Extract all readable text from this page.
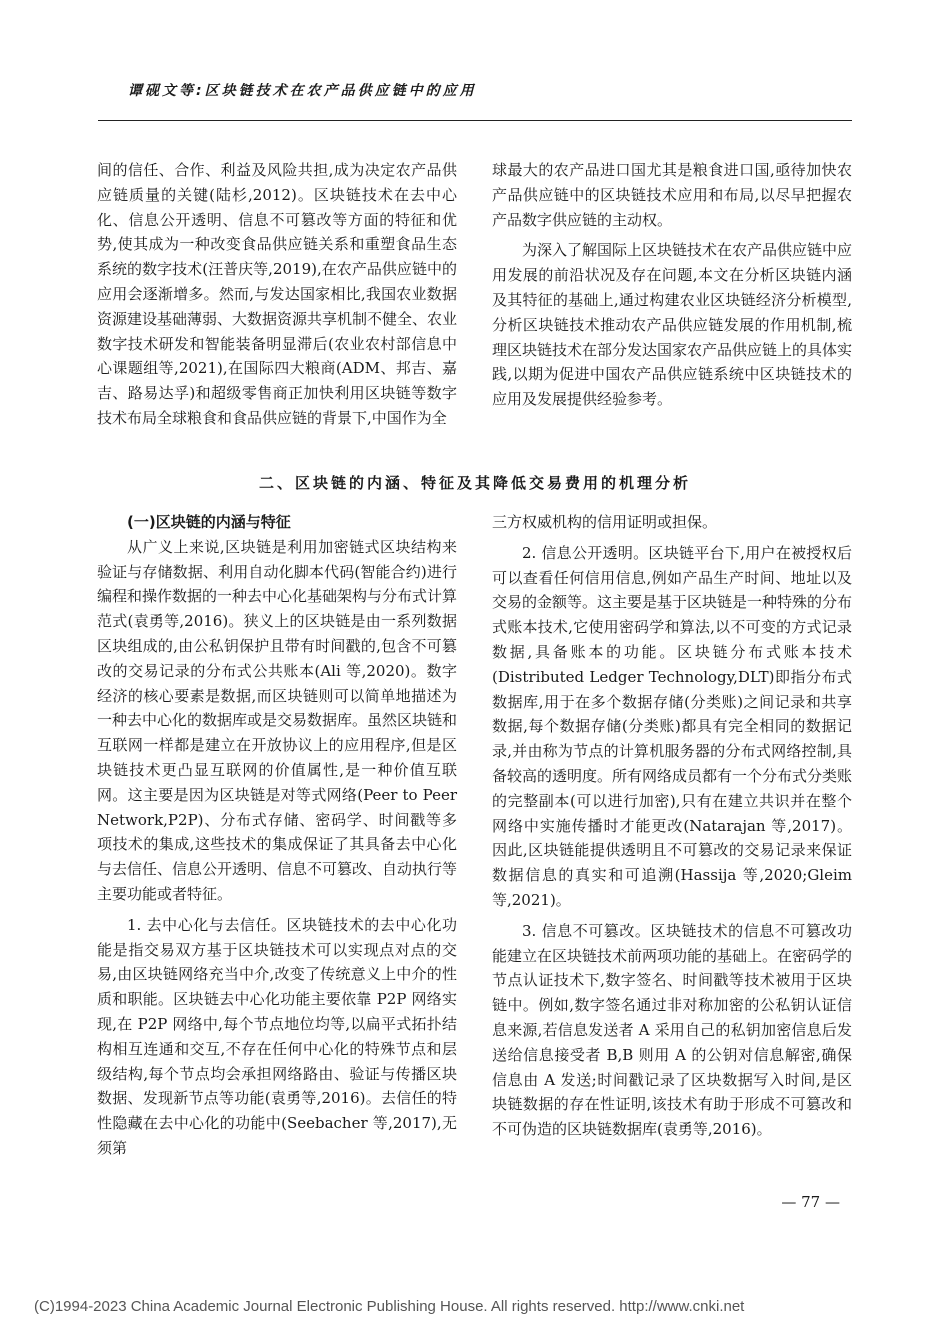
谭砚文等:区块链技术在农产品供应链中的应用

间的信任、合作、利益及风险共担,成为决定农产品供应链质量的关键(陆杉,2012)。区块链技术在去中心化、信息公开透明、信息不可篡改等方面的特征和优势,使其成为一种改变食品供应链关系和重塑食品生态系统的数字技术(汪普庆等,2019),在农产品供应链中的应用会逐渐增多。然而,与发达国家相比,我国农业数据资源建设基础薄弱、大数据资源共享机制不健全、农业数字技术研发和智能装备明显滞后(农业农村部信息中心课题组等,2021),在国际四大粮商(ADM、邦吉、嘉吉、路易达孚)和超级零售商正加快利用区块链等数字技术布局全球粮食和食品供应链的背景下,中国作为全

球最大的农产品进口国尤其是粮食进口国,亟待加快农产品供应链中的区块链技术应用和布局,以尽早把握农产品数字供应链的主动权。

为深入了解国际上区块链技术在农产品供应链中应用发展的前沿状况及存在问题,本文在分析区块链内涵及其特征的基础上,通过构建农业区块链经济分析模型,分析区块链技术推动农产品供应链发展的作用机制,梳理区块链技术在部分发达国家农产品供应链上的具体实践,以期为促进中国农产品供应链系统中区块链技术的应用及发展提供经验参考。

二、区块链的内涵、特征及其降低交易费用的机理分析
(一)区块链的内涵与特征

从广义上来说,区块链是利用加密链式区块结构来验证与存储数据、利用自动化脚本代码(智能合约)进行编程和操作数据的一种去中心化基础架构与分布式计算范式(袁勇等,2016)。狭义上的区块链是由一系列数据区块组成的,由公私钥保护且带有时间戳的,包含不可篡改的交易记录的分布式公共账本(Ali 等,2020)。数字经济的核心要素是数据,而区块链则可以简单地描述为一种去中心化的数据库或是交易数据库。虽然区块链和互联网一样都是建立在开放协议上的应用程序,但是区块链技术更凸显互联网的价值属性,是一种价值互联网。这主要是因为区块链是对等式网络(Peer to Peer Network,P2P)、分布式存储、密码学、时间戳等多项技术的集成,这些技术的集成保证了其具备去中心化与去信任、信息公开透明、信息不可篡改、自动执行等主要功能或者特征。

1. 去中心化与去信任。区块链技术的去中心化功能是指交易双方基于区块链技术可以实现点对点的交易,由区块链网络充当中介,改变了传统意义上中介的性质和职能。区块链去中心化功能主要依靠 P2P 网络实现,在 P2P 网络中,每个节点地位均等,以扁平式拓扑结构相互连通和交互,不存在任何中心化的特殊节点和层级结构,每个节点均会承担网络路由、验证与传播区块数据、发现新节点等功能(袁勇等,2016)。去信任的特性隐藏在去中心化的功能中(Seebacher 等,2017),无须第

三方权威机构的信用证明或担保。

2. 信息公开透明。区块链平台下,用户在被授权后可以查看任何信用信息,例如产品生产时间、地址以及交易的金额等。这主要是基于区块链是一种特殊的分布式账本技术,它使用密码学和算法,以不可变的方式记录数据,具备账本的功能。区块链分布式账本技术(Distributed Ledger Technology,DLT)即指分布式数据库,用于在多个数据存储(分类账)之间记录和共享数据,每个数据存储(分类账)都具有完全相同的数据记录,并由称为节点的计算机服务器的分布式网络控制,具备较高的透明度。所有网络成员都有一个分布式分类账的完整副本(可以进行加密),只有在建立共识并在整个网络中实施传播时才能更改(Natarajan 等,2017)。因此,区块链能提供透明且不可篡改的交易记录来保证数据信息的真实和可追溯(Hassija 等,2020;Gleim 等,2021)。

3. 信息不可篡改。区块链技术的信息不可篡改功能建立在区块链技术前两项功能的基础上。在密码学的节点认证技术下,数字签名、时间戳等技术被用于区块链中。例如,数字签名通过非对称加密的公私钥认证信息来源,若信息发送者 A 采用自己的私钥加密信息后发送给信息接受者 B,B 则用 A 的公钥对信息解密,确保信息由 A 发送;时间戳记录了区块数据写入时间,是区块链数据的存在性证明,该技术有助于形成不可篡改和不可伪造的区块链数据库(袁勇等,2016)。

— 77 —
(C)1994-2023 China Academic Journal Electronic Publishing House. All rights reserved. http://www.cnki.net
